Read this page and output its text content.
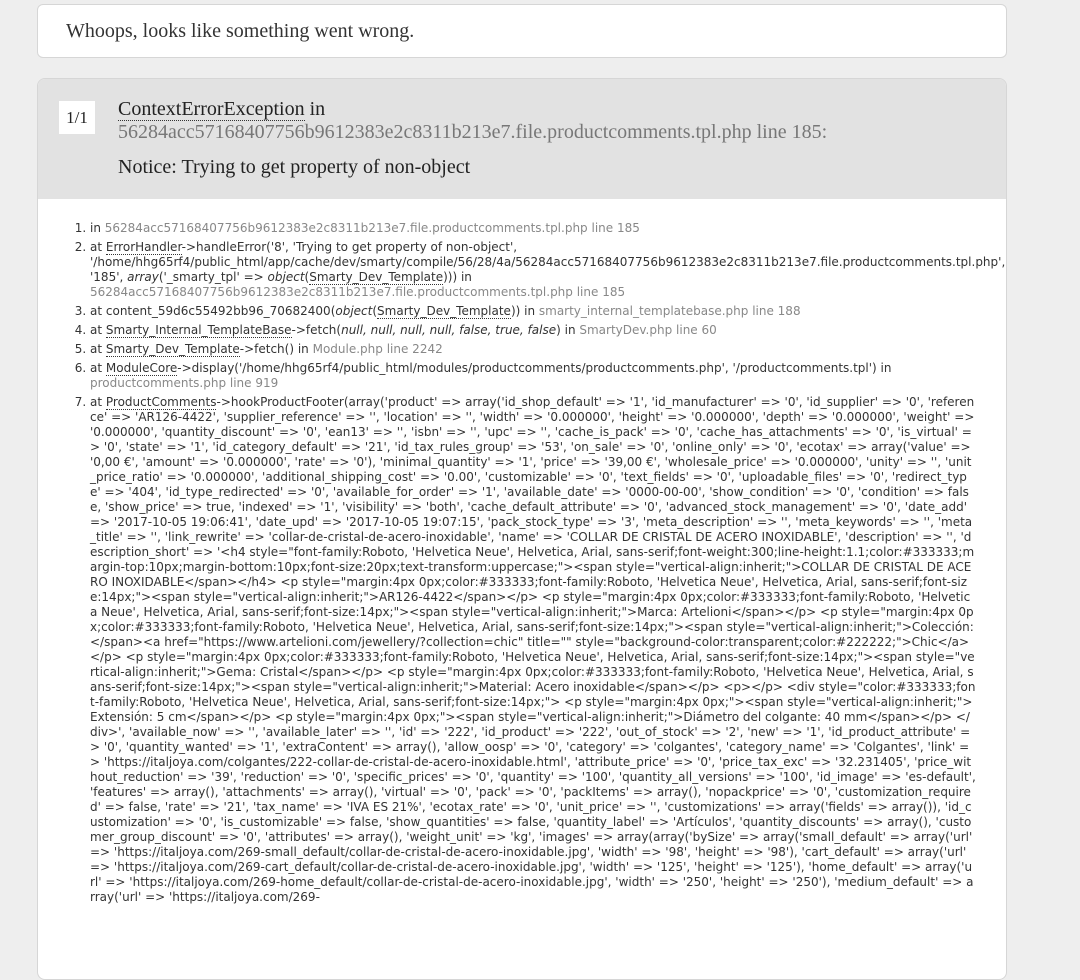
Whoops, looks like something went wrong.
1/1	ContextErrorException in
56284acc57168407756b9612383e2c8311b213e7.file.productcomments.tpl.php line 185:
Notice: Trying to get property of non-object
1. in 56284acc57168407756b9612383e2c8311b213e7.file.productcomments.tpl.php line 185
2. at ErrorHandler->handleError('8', 'Trying to get property of non-object', '/home/hhg65rf4/public_html/app/cache/dev/smarty/compile/56/28/4a/56284acc57168407756b9612383e2c8311b213e7.file.productcomments.tpl.php', '185', array('_smarty_tpl' => object(Smarty_Dev_Template))) in
56284acc57168407756b9612383e2c8311b213e7.file.productcomments.tpl.php line 185
3. at content_59d6c55492bb96_70682400(object(Smarty_Dev_Template)) in smarty_internal_templatebase.php line 188
4. at Smarty_Internal_TemplateBase->fetch(null, null, null, null, false, true, false) in SmartyDev.php line 60
5. at Smarty_Dev_Template->fetch() in Module.php line 2242
6. at ModuleCore->display('/home/hhg65rf4/public_html/modules/productcomments/productcomments.php', '/productcomments.tpl') in
productcomments.php line 919
7. at ProductComments->hookProductFooter(array('product' => array('id_shop_default' => '1', 'id_manufacturer' => '0', 'id_supplier' => '0', 'reference' => 'AR126-4422', 'supplier_reference' => '', 'location' => '', 'width' => '0.000000', 'height' => '0.000000', 'depth' => '0.000000', 'weight' => '0.000000', 'quantity_discount' => '0', 'ean13' => '', 'isbn' => '', 'upc' => '', 'cache_is_pack' => '0', 'cache_has_attachments' => '0', 'is_virtual' => '0', 'state' => '1', 'id_category_default' => '21', 'id_tax_rules_group' => '53', 'on_sale' => '0', 'online_only' => '0', 'ecotax' => array('value' => '0,00 €', 'amount' => '0.000000', 'rate' => '0'), 'minimal_quantity' => '1', 'price' => '39,00 €', 'wholesale_price' => '0.000000', 'unity' => '', 'unit_price_ratio' => '0.000000', 'additional_shipping_cost' => '0.00', 'customizable' => '0', 'text_fields' => '0', 'uploadable_files' => '0', 'redirect_type' => '404', 'id_type_redirected' => '0', 'available_for_order' => '1', 'available_date' => '0000-00-00', 'show_condition' => '0', 'condition' => false, 'show_price' => true, 'indexed' => '1', 'visibility' => 'both', 'cache_default_attribute' => '0', 'advanced_stock_management' => '0', 'date_add' => '2017-10-05 19:06:41', 'date_upd' => '2017-10-05 19:07:15', 'pack_stock_type' => '3', 'meta_description' => '', 'meta_keywords' => '', 'meta_title' => '', 'link_rewrite' => 'collar-de-cristal-de-acero-inoxidable', 'name' => 'COLLAR DE CRISTAL DE ACERO INOXIDABLE', 'description' => '', 'description_short' => '<h4 style="font-family:Roboto, 'Helvetica Neue', Helvetica, Arial, sans-serif;font-weight:300;line-height:1.1;color:#333333;margin-top:10px;margin-bottom:10px;font-size:20px;text-transform:uppercase;"><span style="vertical-align:inherit;">COLLAR DE CRISTAL DE ACERO INOXIDABLE</span></h4> <p style="margin:4px 0px;color:#333333;font-family:Roboto, 'Helvetica Neue', Helvetica, Arial, sans-serif;font-size:14px;"><span style="vertical-align:inherit;">AR126-4422</span></p> <p style="margin:4px 0px;color:#333333;font-family:Roboto, 'Helvetica Neue', Helvetica, Arial, sans-serif;font-size:14px;"><span style="vertical-align:inherit;">Marca: Artelioni</span></p> <p style="margin:4px 0px;color:#333333;font-family:Roboto, 'Helvetica Neue', Helvetica, Arial, sans-serif;font-size:14px;"><span style="vertical-align:inherit;">Colección: </span><a href="https://www.artelioni.com/jewellery/?collection=chic" title="" style="background-color:transparent;color:#222222;">Chic</a></p> <p style="margin:4px 0px;color:#333333;font-family:Roboto, 'Helvetica Neue', Helvetica, Arial, sans-serif;font-size:14px;"><span style="vertical-align:inherit;">Gema: Cristal</span></p> <p style="margin:4px 0px;color:#333333;font-family:Roboto, 'Helvetica Neue', Helvetica, Arial, sans-serif;font-size:14px;"><span style="vertical-align:inherit;">Material: Acero inoxidable</span></p> <p></p> <div style="color:#333333;font-family:Roboto, 'Helvetica Neue', Helvetica, Arial, sans-serif;font-size:14px;"> <p style="margin:4px 0px;"><span style="vertical-align:inherit;">Extensión: 5 cm</span></p> <p style="margin:4px 0px;"><span style="vertical-align:inherit;">Diámetro del colgante: 40 mm</span></p> </div>', 'available_now' => '', 'available_later' => '', 'id' => '222', 'id_product' => '222', 'out_of_stock' => '2', 'new' => '1', 'id_product_attribute' => '0', 'quantity_wanted' => '1', 'extraContent' => array(), 'allow_oosp' => '0', 'category' => 'colgantes', 'category_name' => 'Colgantes', 'link' => 'https://italjoya.com/colgantes/222-collar-de-cristal-de-acero-inoxidable.html', 'attribute_price' => '0', 'price_tax_exc' => '32.231405', 'price_without_reduction' => '39', 'reduction' => '0', 'specific_prices' => '0', 'quantity' => '100', 'quantity_all_versions' => '100', 'id_image' => 'es-default', 'features' => array(), 'attachments' => array(), 'virtual' => '0', 'pack' => '0', 'packItems' => array(), 'nopackprice' => '0', 'customization_required' => false, 'rate' => '21', 'tax_name' => 'IVA ES 21%', 'ecotax_rate' => '0', 'unit_price' => '', 'customizations' => array('fields' => array()), 'id_customization' => '0', 'is_customizable' => false, 'show_quantities' => false, 'quantity_label' => 'Artículos', 'quantity_discounts' => array(), 'customer_group_discount' => '0', 'attributes' => array(), 'weight_unit' => 'kg', 'images' => array(array('bySize' => array('small_default' => array('url' => 'https://italjoya.com/269-small_default/collar-de-cristal-de-acero-inoxidable.jpg', 'width' => '98', 'height' => '98'), 'cart_default' => array('url' => 'https://italjoya.com/269-cart_default/collar-de-cristal-de-acero-inoxidable.jpg', 'width' => '125', 'height' => '125'), 'home_default' => array('url' => 'https://italjoya.com/269-home_default/collar-de-cristal-de-acero-inoxidable.jpg', 'width' => '250', 'height' => '250'), 'medium_default' => array('url' => 'https://italjoya.com/269-
